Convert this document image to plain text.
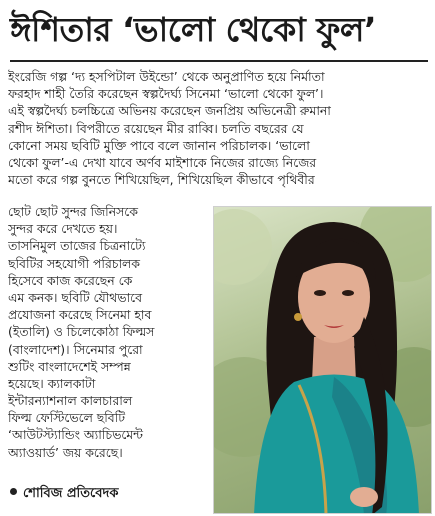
ঈশিতার ‘ভালো থেকো ফুল’
ইংরেজি গল্প ‘দ্য হসপিটাল উইন্ডো’ থেকে অনুপ্রাণিত হয়ে নির্মাতা
ফরহাদ শাহী তৈরি করেছেন স্বল্পদৈর্ঘ্য সিনেমা ‘ভালো থেকো ফুল’।
এই স্বল্পদৈর্ঘ্য চলচ্চিত্রে অভিনয় করেছেন জনপ্রিয় অভিনেত্রী রুমানা
রশীদ ঈশিতা। বিপরীতে রয়েছেন মীর রাব্বি। চলতি বছরের যে
কোনো সময় ছবিটি মুক্তি পাবে বলে জানান পরিচালক। ‘ভালো
থেকো ফুল’-এ দেখা যাবে অর্ণব মাইশাকে নিজের রাজ্যে নিজের
মতো করে গল্প বুনতে শিখিয়েছিল, শিখিয়েছিল কীভাবে পৃথিবীর
ছোট ছোট সুন্দর জিনিসকে
সুন্দর করে দেখতে হয়।
তাসনিমুল তাজের চিত্রনাট্যে
ছবিটির সহযোগী পরিচালক
হিসেবে কাজ করেছেন কে
এম কনক। ছবিটি যৌথভাবে
প্রযোজনা করেছে সিনেমা হাব
(ইতালি) ও চিলেকোঠা ফিল্মস
(বাংলাদেশ)। সিনেমার পুরো
শুটিং বাংলাদেশেই সম্পন্ন
হয়েছে। ক্যালকাটা
ইন্টারন্যাশনাল কালচারাল
ফিল্ম ফেস্টিভেলে ছবিটি
‘আউটস্ট্যান্ডিং অ্যাচিভমেন্ট
অ্যাওয়ার্ড’ জয় করেছে।
শোবিজ প্রতিবেদক
